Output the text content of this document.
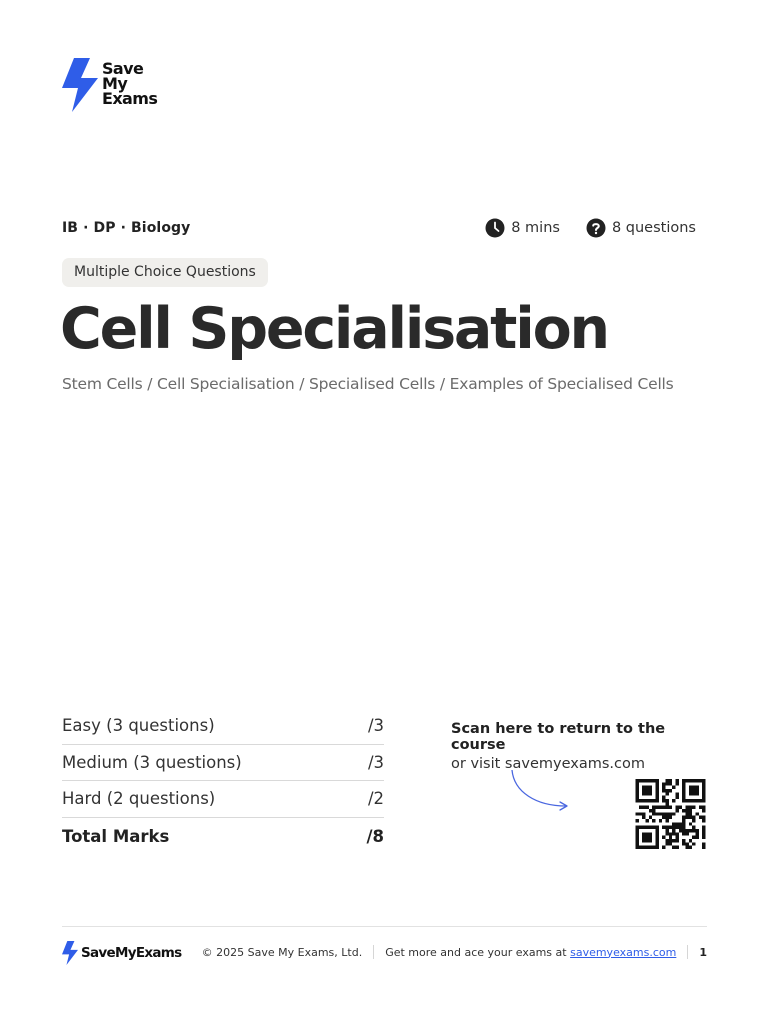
Save
My
Exams
IB · DP · Biology	8 mins	8 questions
Multiple Choice Questions
Cell Specialisation
Stem Cells / Cell Specialisation / Specialised Cells / Examples of Specialised Cells
Easy (3 questions)	/3
Medium (3 questions)	/3
Hard (2 questions)	/2
Total Marks	/8
Scan here to return to the course
or visit savemyexams.com
SaveMyExams © 2025 Save My Exams, Ltd. Get more and ace your exams at savemyexams.com 1
